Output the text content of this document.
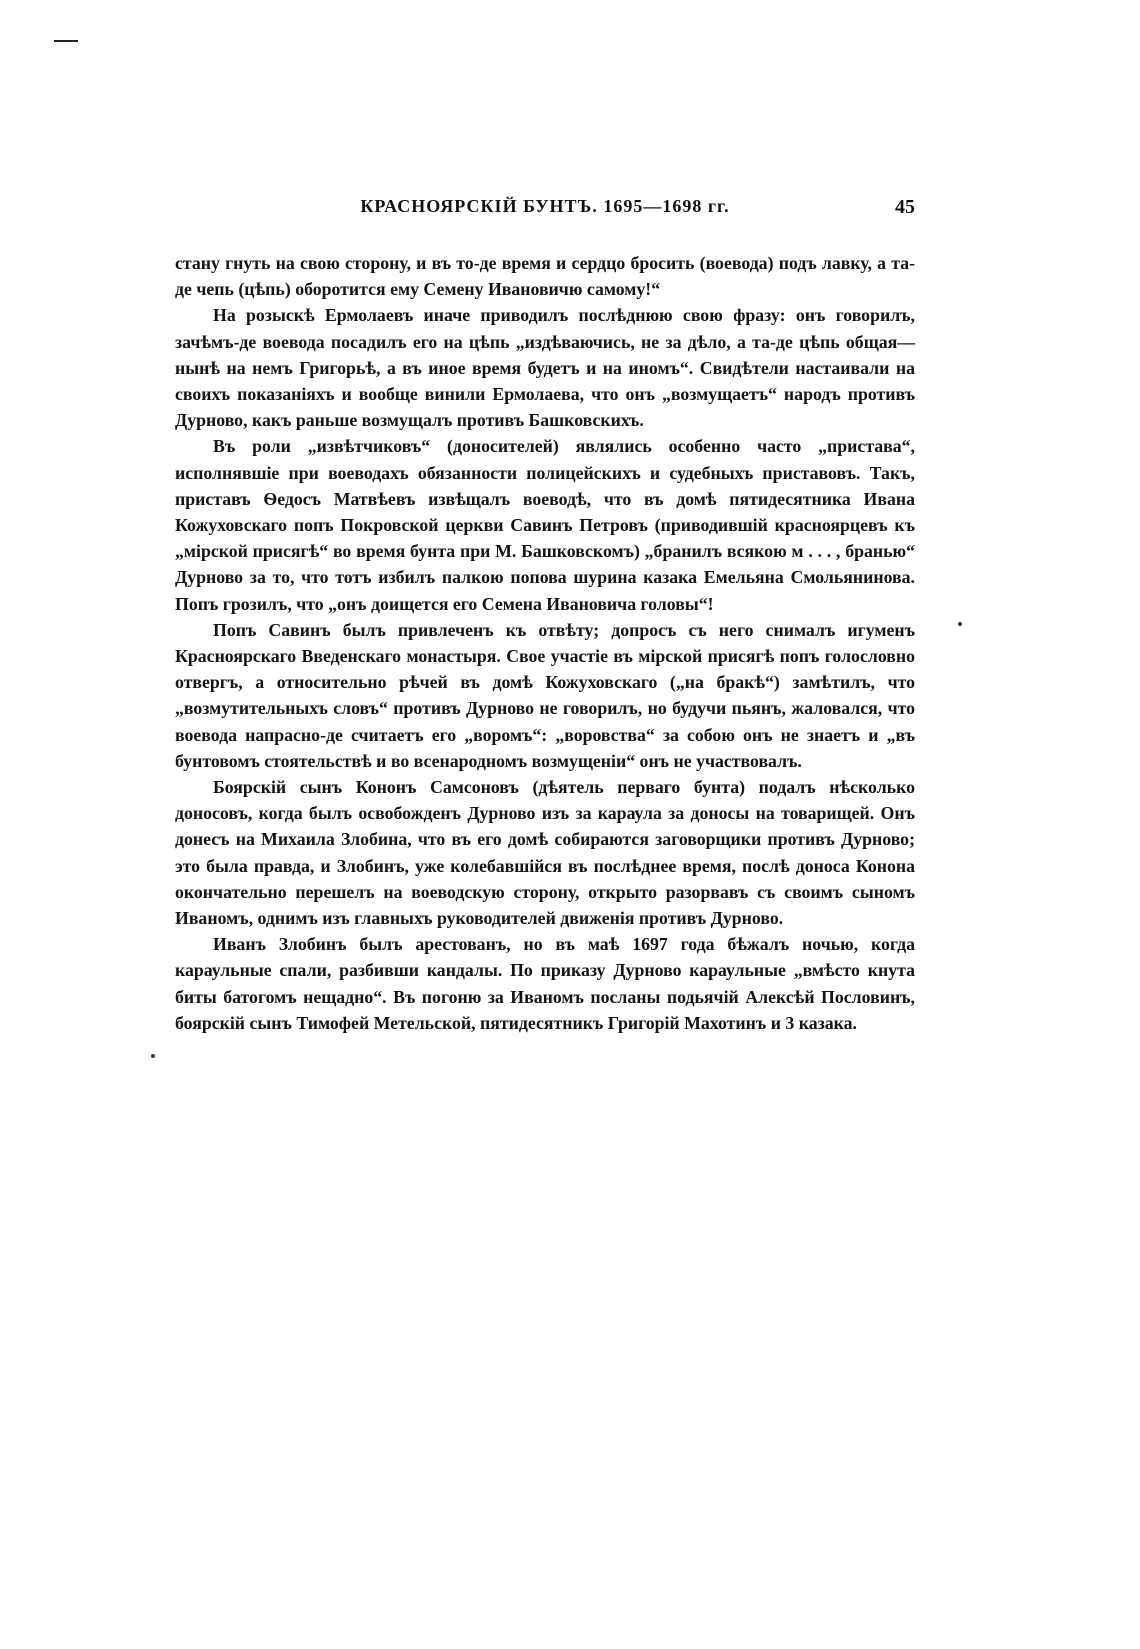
КРАСНОЯРСКІЙ БУНТЪ. 1695—1698 гг.	45

стану гнуть на свою сторону, и въ то-де время и сердцо бросить (воевода) подъ лавку, а та-де чепь (цѣпь) оборотится ему Семену Ивановичю самому!“

На розыскѣ Ермолаевъ иначе приводилъ послѣднюю свою фразу: онъ говорилъ, зачѣмъ-де воевода посадилъ его на цѣпь „издѣваючись, не за дѣло, а та-де цѣпь общая—нынѣ на немъ Григорьѣ, а въ иное время будетъ и на иномъ“. Свидѣтели настаивали на своихъ показаніяхъ и вообще винили Ермолаева, что онъ „возмущаетъ“ народъ противъ Дурново, какъ раньше возмущалъ противъ Башковскихъ.

Въ роли „извѣтчиковъ“ (доносителей) являлись особенно часто „пристава“, исполнявшіе при воеводахъ обязанности полицейскихъ и судебныхъ приставовъ. Такъ, приставъ Ѳедосъ Матвѣевъ извѣщалъ воеводѣ, что въ домѣ пятидесятника Ивана Кожуховскаго попъ Покровской церкви Савинъ Петровъ (приводившій красноярцевъ къ „мірской присягѣ“ во время бунта при М. Башковскомъ) „бранилъ всякою м . . . , бранью“ Дурново за то, что тотъ избилъ палкою попова шурина казака Емельяна Смольянинова. Попъ грозилъ, что „онъ доищется его Семена Ивановича головы“!

Попъ Савинъ былъ привлеченъ къ отвѣту; допросъ съ него снималъ игуменъ Красноярскаго Введенскаго монастыря. Свое участіе въ мірской присягѣ попъ голословно отвергъ, а относительно рѣчей въ домѣ Кожуховскаго („на бракѣ“) замѣтилъ, что „возмутительныхъ словъ“ противъ Дурново не говорилъ, но будучи пьянъ, жаловался, что воевода напрасно-де считаетъ его „воромъ“: „воровства“ за собою онъ не знаетъ и „въ бунтовомъ стоятельствѣ и во всенародномъ возмущеніи“ онъ не участвовалъ.

Боярскій сынъ Кононъ Самсоновъ (дѣятель перваго бунта) подалъ нѣсколько доносовъ, когда былъ освобожденъ Дурново изъ за караула за доносы на товарищей. Онъ донесъ на Михаила Злобина, что въ его домѣ собираются заговорщики противъ Дурново; это была правда, и Злобинъ, уже колебавшійся въ послѣднее время, послѣ доноса Конона окончательно перешелъ на воеводскую сторону, открыто разорвавъ съ своимъ сыномъ Иваномъ, однимъ изъ главныхъ руководителей движенія противъ Дурново.

Иванъ Злобинъ былъ арестованъ, но въ маѣ 1697 года бѣжалъ ночью, когда караульные спали, разбивши кандалы. По приказу Дурново караульные „вмѣсто кнута биты батогомъ нещадно“. Въ погоню за Иваномъ посланы подьячій Алексѣй Пословинъ, боярскій сынъ Тимофей Метельской, пятидесятникъ Григорій Махотинъ и 3 казака.
